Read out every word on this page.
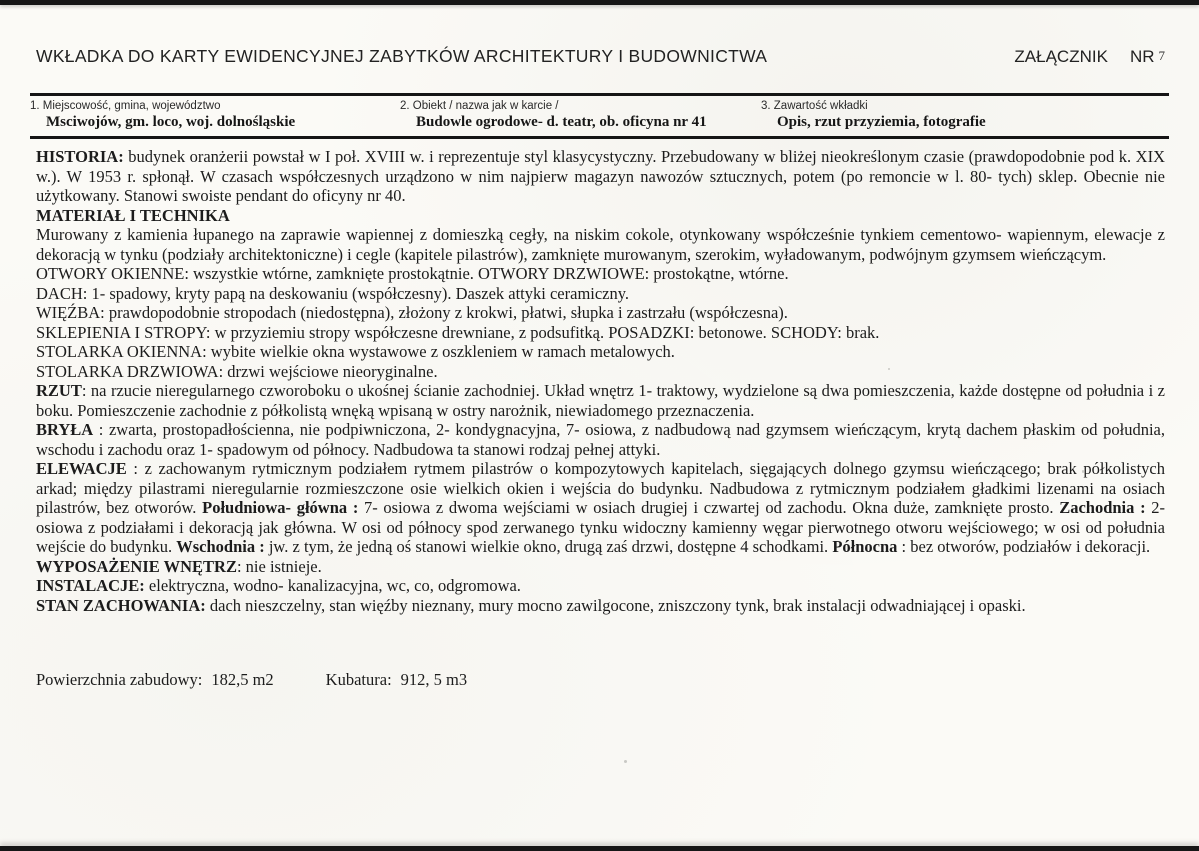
WKŁADKA DO KARTY EWIDENCYJNEJ ZABYTKÓW ARCHITEKTURY I BUDOWNICTWA	ZAŁĄCZNIK NR 7
1. Miejscowość, gmina, województwo
Msciwojów, gm. loco, woj. dolnośląskie
2. Obiekt / nazwa jak w karcie /
Budowle ogrodowe- d. teatr, ob. oficyna nr 41
3. Zawartość wkładki
Opis, rzut przyziemia, fotografie

HISTORIA: budynek oranżerii powstał w I poł. XVIII w. i reprezentuje styl klasycystyczny. Przebudowany w bliżej nieokreślonym czasie (prawdopodobnie pod k. XIX w.). W 1953 r. spłonął. W czasach współczesnych urządzono w nim najpierw magazyn nawozów sztucznych, potem (po remoncie w l. 80- tych) sklep. Obecnie nie użytkowany. Stanowi swoiste pendant do oficyny nr 40.

MATERIAŁ I TECHNIKA

Murowany z kamienia łupanego na zaprawie wapiennej z domieszką cegły, na niskim cokole, otynkowany współcześnie tynkiem cementowo- wapiennym, elewacje z dekoracją w tynku (podziały architektoniczne) i cegle (kapitele pilastrów), zamknięte murowanym, szerokim, wyładowanym, podwójnym gzymsem wieńczącym.

OTWORY OKIENNE: wszystkie wtórne, zamknięte prostokątnie. OTWORY DRZWIOWE: prostokątne, wtórne.

DACH: 1- spadowy, kryty papą na deskowaniu (współczesny). Daszek attyki ceramiczny.

WIĘŹBA: prawdopodobnie stropodach (niedostępna), złożony z krokwi, płatwi, słupka i zastrzału (współczesna).

SKLEPIENIA I STROPY: w przyziemiu stropy współczesne drewniane, z podsufitką. POSADZKI: betonowe. SCHODY: brak.

STOLARKA OKIENNA: wybite wielkie okna wystawowe z oszkleniem w ramach metalowych.

STOLARKA DRZWIOWA: drzwi wejściowe nieoryginalne.

RZUT: na rzucie nieregularnego czworoboku o ukośnej ścianie zachodniej. Układ wnętrz 1- traktowy, wydzielone są dwa pomieszczenia, każde dostępne od południa i z boku. Pomieszczenie zachodnie z półkolistą wnęką wpisaną w ostry narożnik, niewiadomego przeznaczenia.

BRYŁA : zwarta, prostopadłościenna, nie podpiwniczona, 2- kondygnacyjna, 7- osiowa, z nadbudową nad gzymsem wieńczącym, krytą dachem płaskim od południa, wschodu i zachodu oraz 1- spadowym od północy. Nadbudowa ta stanowi rodzaj pełnej attyki.

ELEWACJE : z zachowanym rytmicznym podziałem rytmem pilastrów o kompozytowych kapitelach, sięgających dolnego gzymsu wieńczącego; brak półkolistych arkad; między pilastrami nieregularnie rozmieszczone osie wielkich okien i wejścia do budynku. Nadbudowa z rytmicznym podziałem gładkimi lizenami na osiach pilastrów, bez otworów. Południowa- główna : 7- osiowa z dwoma wejściami w osiach drugiej i czwartej od zachodu. Okna duże, zamknięte prosto. Zachodnia : 2- osiowa z podziałami i dekoracją jak główna. W osi od północy spod zerwanego tynku widoczny kamienny węgar pierwotnego otworu wejściowego; w osi od południa wejście do budynku. Wschodnia : jw. z tym, że jedną oś stanowi wielkie okno, drugą zaś drzwi, dostępne 4 schodkami. Północna : bez otworów, podziałów i dekoracji.

WYPOSAŻENIE WNĘTRZ: nie istnieje.

INSTALACJE: elektryczna, wodno- kanalizacyjna, wc, co, odgromowa.

STAN ZACHOWANIA: dach nieszczelny, stan więźby nieznany, mury mocno zawilgocone, zniszczony tynk, brak instalacji odwadniającej i opaski.

Powierzchnia zabudowy: 182,5 m2	Kubatura: 912, 5 m3
